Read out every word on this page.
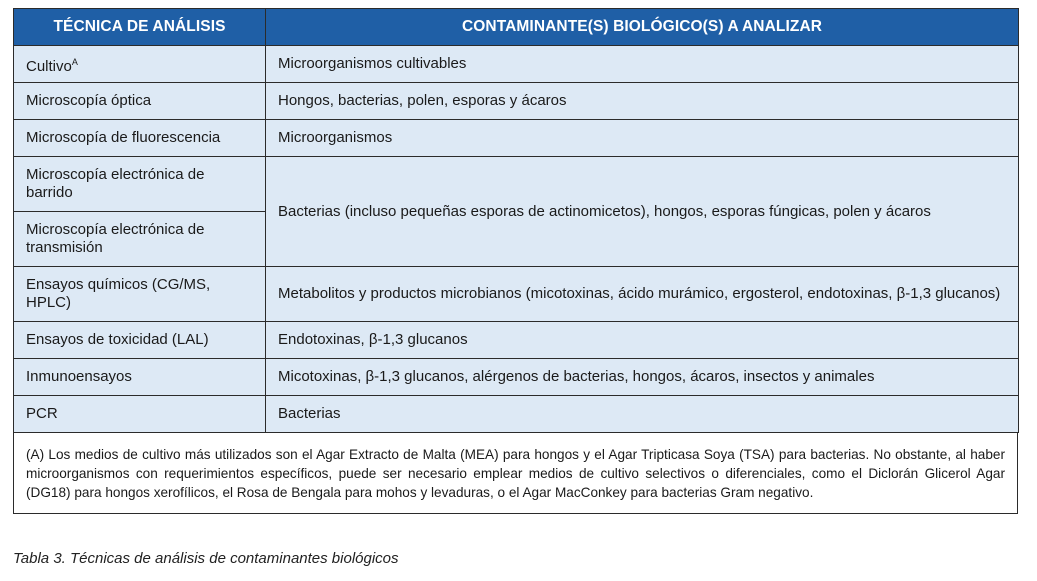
TÉCNICA DE ANÁLISIS	CONTAMINANTE(S) BIOLÓGICO(S) A ANALIZAR
Cultivo$^A$	Microorganismos cultivables
Microscopía óptica	Hongos, bacterias, polen, esporas y ácaros
Microscopía de fluorescencia	Microorganismos
Microscopía electrónica de barrido	Bacterias (incluso pequeñas esporas de actinomicetos), hongos, esporas fúngicas, polen y ácaros
Microscopía electrónica de transmisión	
Ensayos químicos (CG/MS, HPLC)	Metabolitos y productos microbianos (micotoxinas, ácido murámico, ergosterol, endotoxinas, β-1,3 glucanos)
Ensayos de toxicidad (LAL)	Endotoxinas, β-1,3 glucanos
Inmunoensayos	Micotoxinas, β-1,3 glucanos, alérgenos de bacterias, hongos, ácaros, insectos y animales
PCR	Bacterias
(A) Los medios de cultivo más utilizados son el Agar Extracto de Malta (MEA) para hongos y el Agar Tripticasa Soya (TSA) para bacterias. No obstante, al haber microorganismos con requerimientos específicos, puede ser necesario emplear medios de cultivo selectivos o diferenciales, como el Diclorán Glicerol Agar (DG18) para hongos xerofílicos, el Rosa de Bengala para mohos y levaduras, o el Agar MacConkey para bacterias Gram negativo.
Tabla 3. Técnicas de análisis de contaminantes biológicos
